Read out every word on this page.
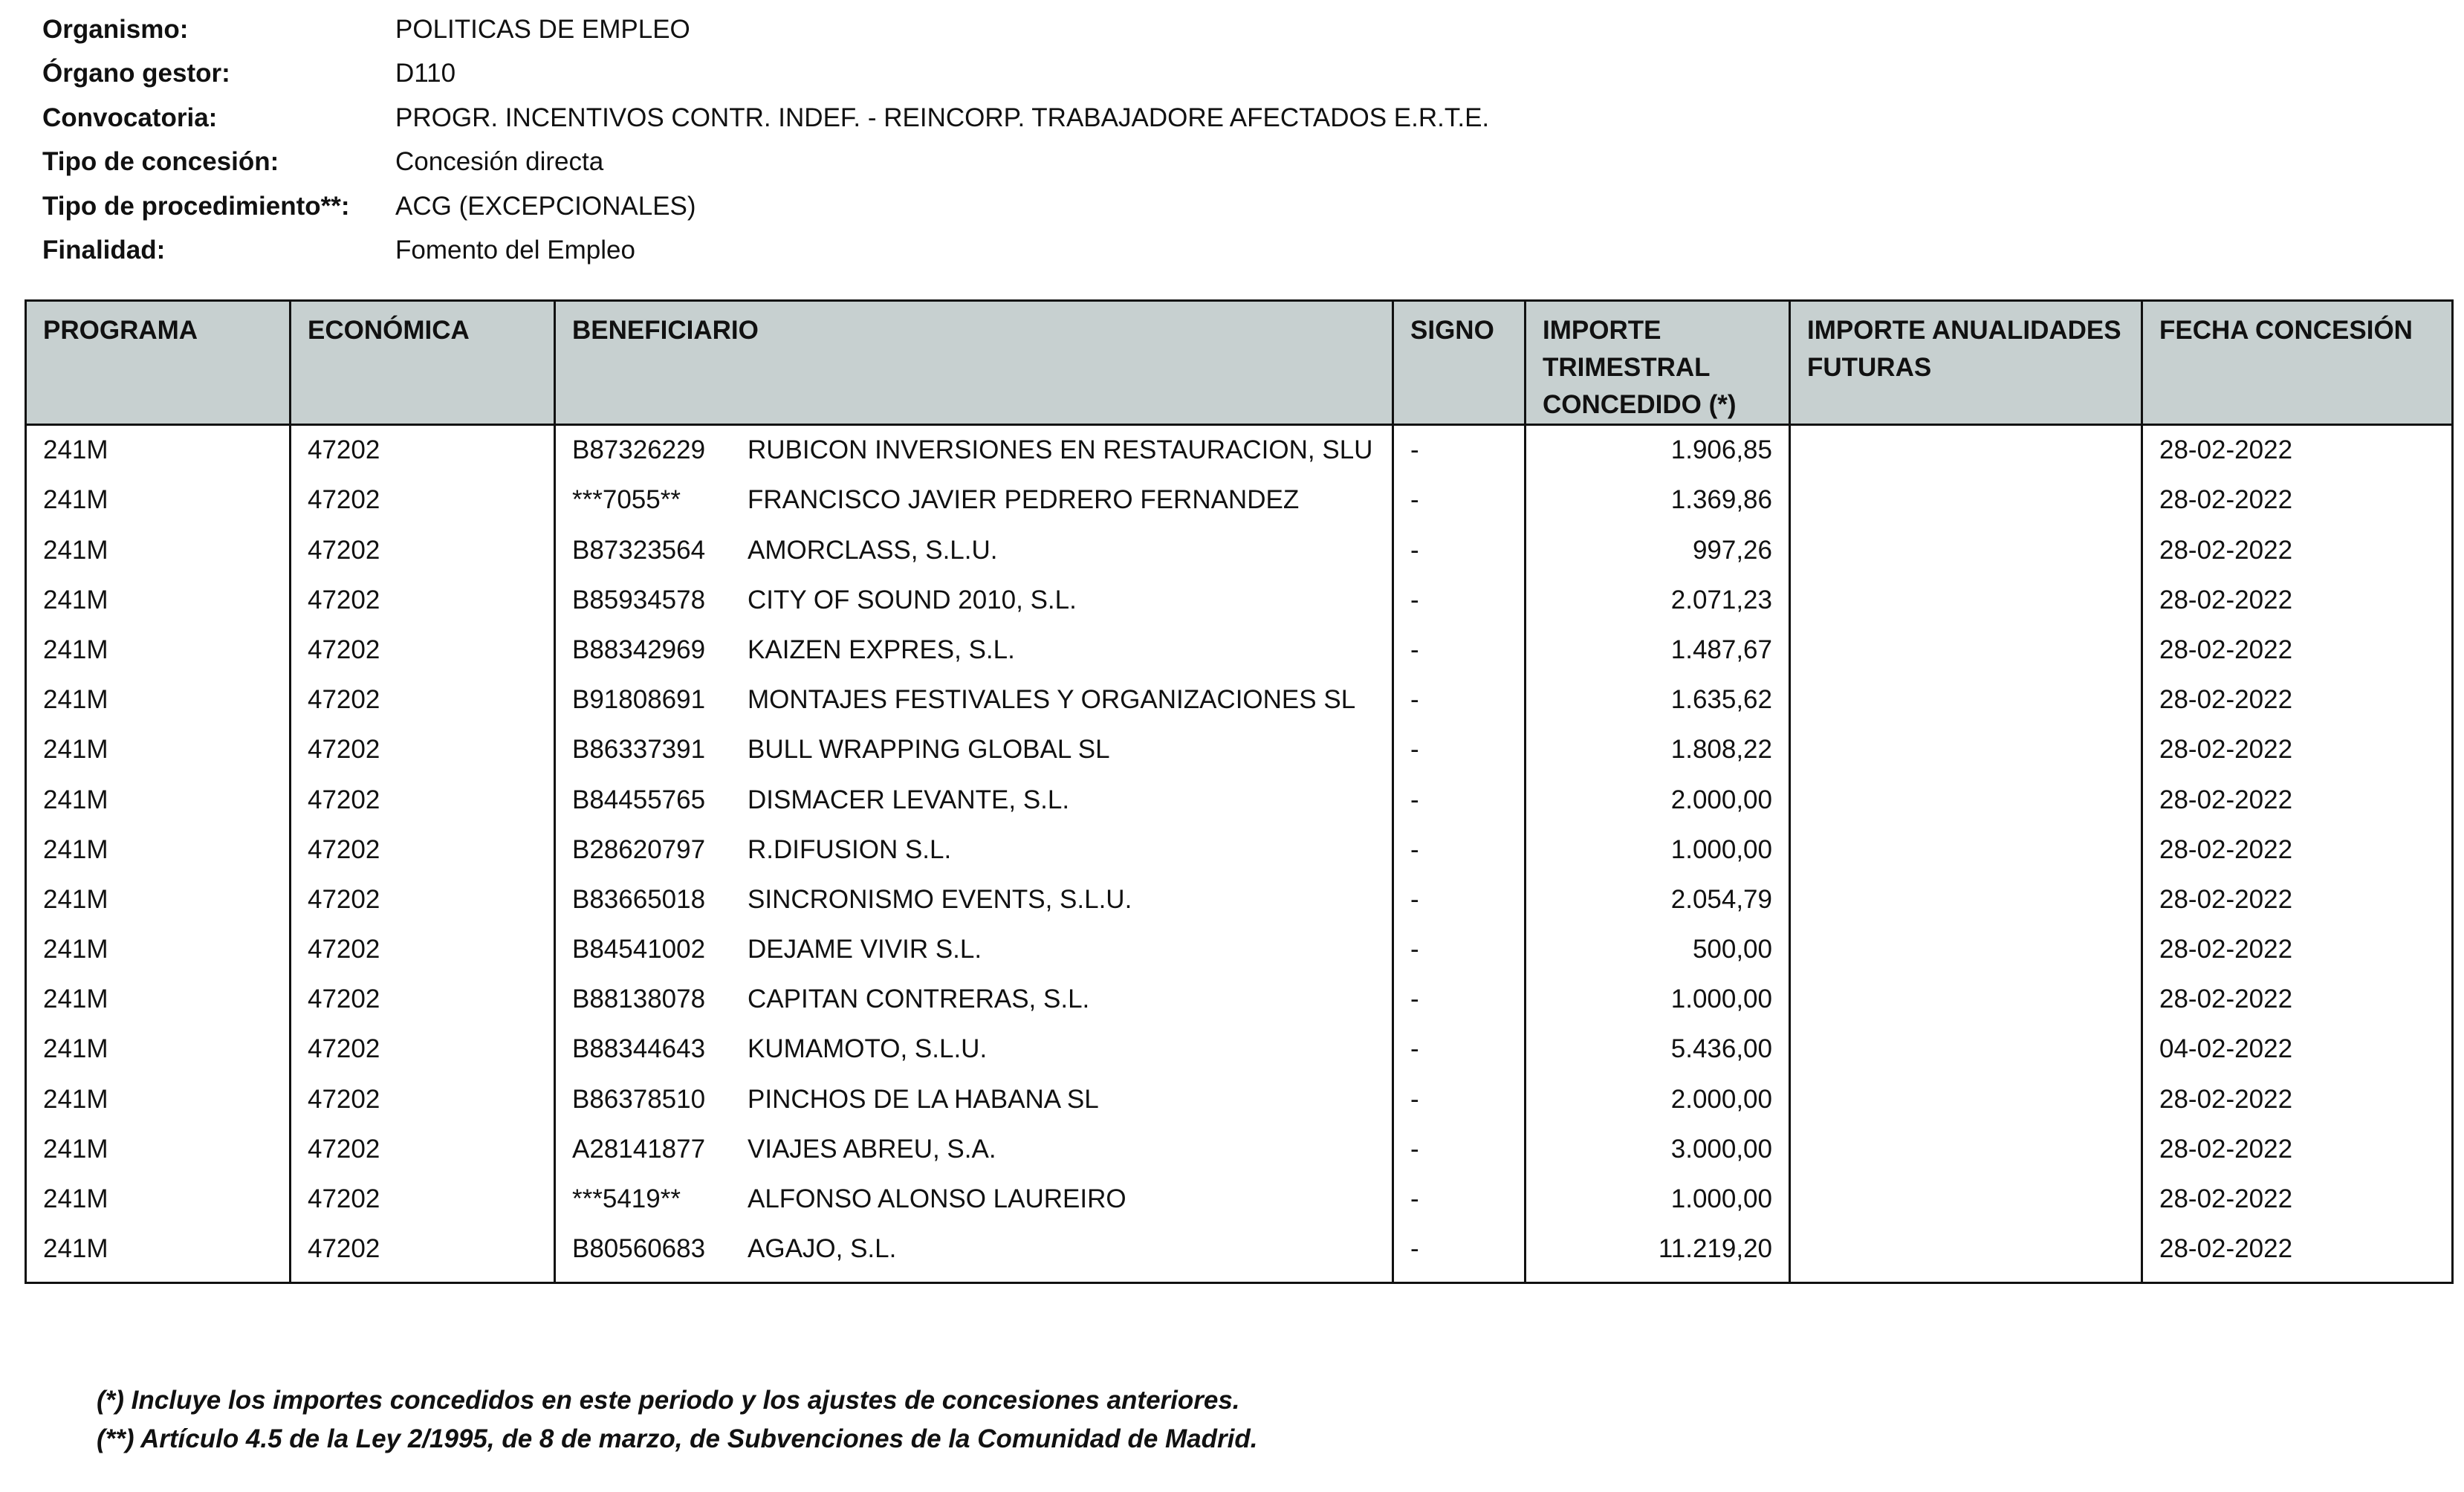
Organismo:	POLITICAS DE EMPLEO
Órgano gestor:	D110
Convocatoria:	PROGR. INCENTIVOS CONTR. INDEF. - REINCORP. TRABAJADORE AFECTADOS E.R.T.E.
Tipo de concesión:	Concesión directa
Tipo de procedimiento**:	ACG (EXCEPCIONALES)
Finalidad:	Fomento del Empleo
PROGRAMA	ECONÓMICA	BENEFICIARIO	SIGNO	IMPORTE TRIMESTRAL CONCEDIDO (*)	IMPORTE ANUALIDADES FUTURAS	FECHA CONCESIÓN
241M	47202	B87326229 RUBICON INVERSIONES EN RESTAURACION, SLU	-	1.906,85		28-02-2022
241M	47202	***7055** FRANCISCO JAVIER PEDRERO FERNANDEZ	-	1.369,86		28-02-2022
241M	47202	B87323564 AMORCLASS, S.L.U.	-	997,26		28-02-2022
241M	47202	B85934578 CITY OF SOUND 2010, S.L.	-	2.071,23		28-02-2022
241M	47202	B88342969 KAIZEN EXPRES, S.L.	-	1.487,67		28-02-2022
241M	47202	B91808691 MONTAJES FESTIVALES Y ORGANIZACIONES SL	-	1.635,62		28-02-2022
241M	47202	B86337391 BULL WRAPPING GLOBAL SL	-	1.808,22		28-02-2022
241M	47202	B84455765 DISMACER LEVANTE, S.L.	-	2.000,00		28-02-2022
241M	47202	B28620797 R.DIFUSION S.L.	-	1.000,00		28-02-2022
241M	47202	B83665018 SINCRONISMO EVENTS, S.L.U.	-	2.054,79		28-02-2022
241M	47202	B84541002 DEJAME VIVIR S.L.	-	500,00		28-02-2022
241M	47202	B88138078 CAPITAN CONTRERAS, S.L.	-	1.000,00		28-02-2022
241M	47202	B88344643 KUMAMOTO, S.L.U.	-	5.436,00		04-02-2022
241M	47202	B86378510 PINCHOS DE LA HABANA SL	-	2.000,00		28-02-2022
241M	47202	A28141877 VIAJES ABREU, S.A.	-	3.000,00		28-02-2022
241M	47202	***5419** ALFONSO ALONSO LAUREIRO	-	1.000,00		28-02-2022
241M	47202	B80560683 AGAJO, S.L.	-	11.219,20		28-02-2022

(*) Incluye los importes concedidos en este periodo y los ajustes de concesiones anteriores.
(**) Artículo 4.5 de la Ley 2/1995, de 8 de marzo, de Subvenciones de la Comunidad de Madrid.
